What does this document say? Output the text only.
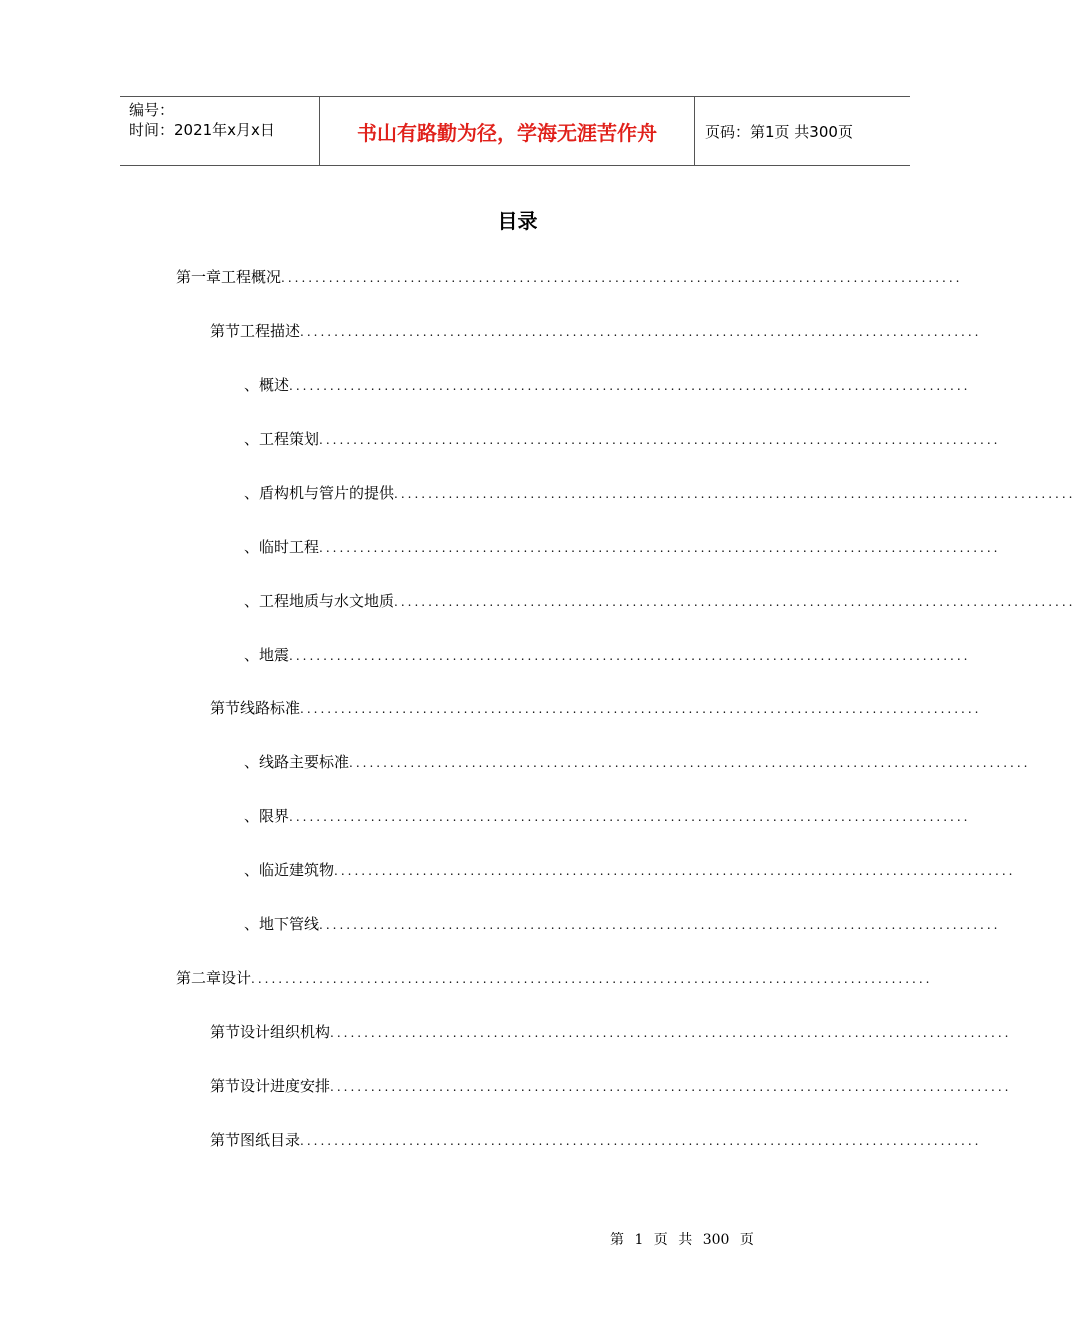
编号：
时间：2021年x月x日	书山有路勤为径，学海无涯苦作舟	页码：第1页 共300页
目录
第一章 工程概况 ....................................................................................................
第节 工程描述 ....................................................................................................
、 概述 ....................................................................................................
、 工程策划 ....................................................................................................
、 盾构机与管片的提供 ....................................................................................................
、 临时工程 ....................................................................................................
、 工程地质与水文地质 ....................................................................................................
、 地震 ....................................................................................................
第节 线路标准 ....................................................................................................
、 线路主要标准 ....................................................................................................
、 限界 ....................................................................................................
、 临近建筑物 ....................................................................................................
、 地下管线 ....................................................................................................
第二章 设计 ....................................................................................................
第节 设计组织机构 ....................................................................................................
第节 设计进度安排 ....................................................................................................
第节 图纸目录 ....................................................................................................
第 1 页 共 300 页
